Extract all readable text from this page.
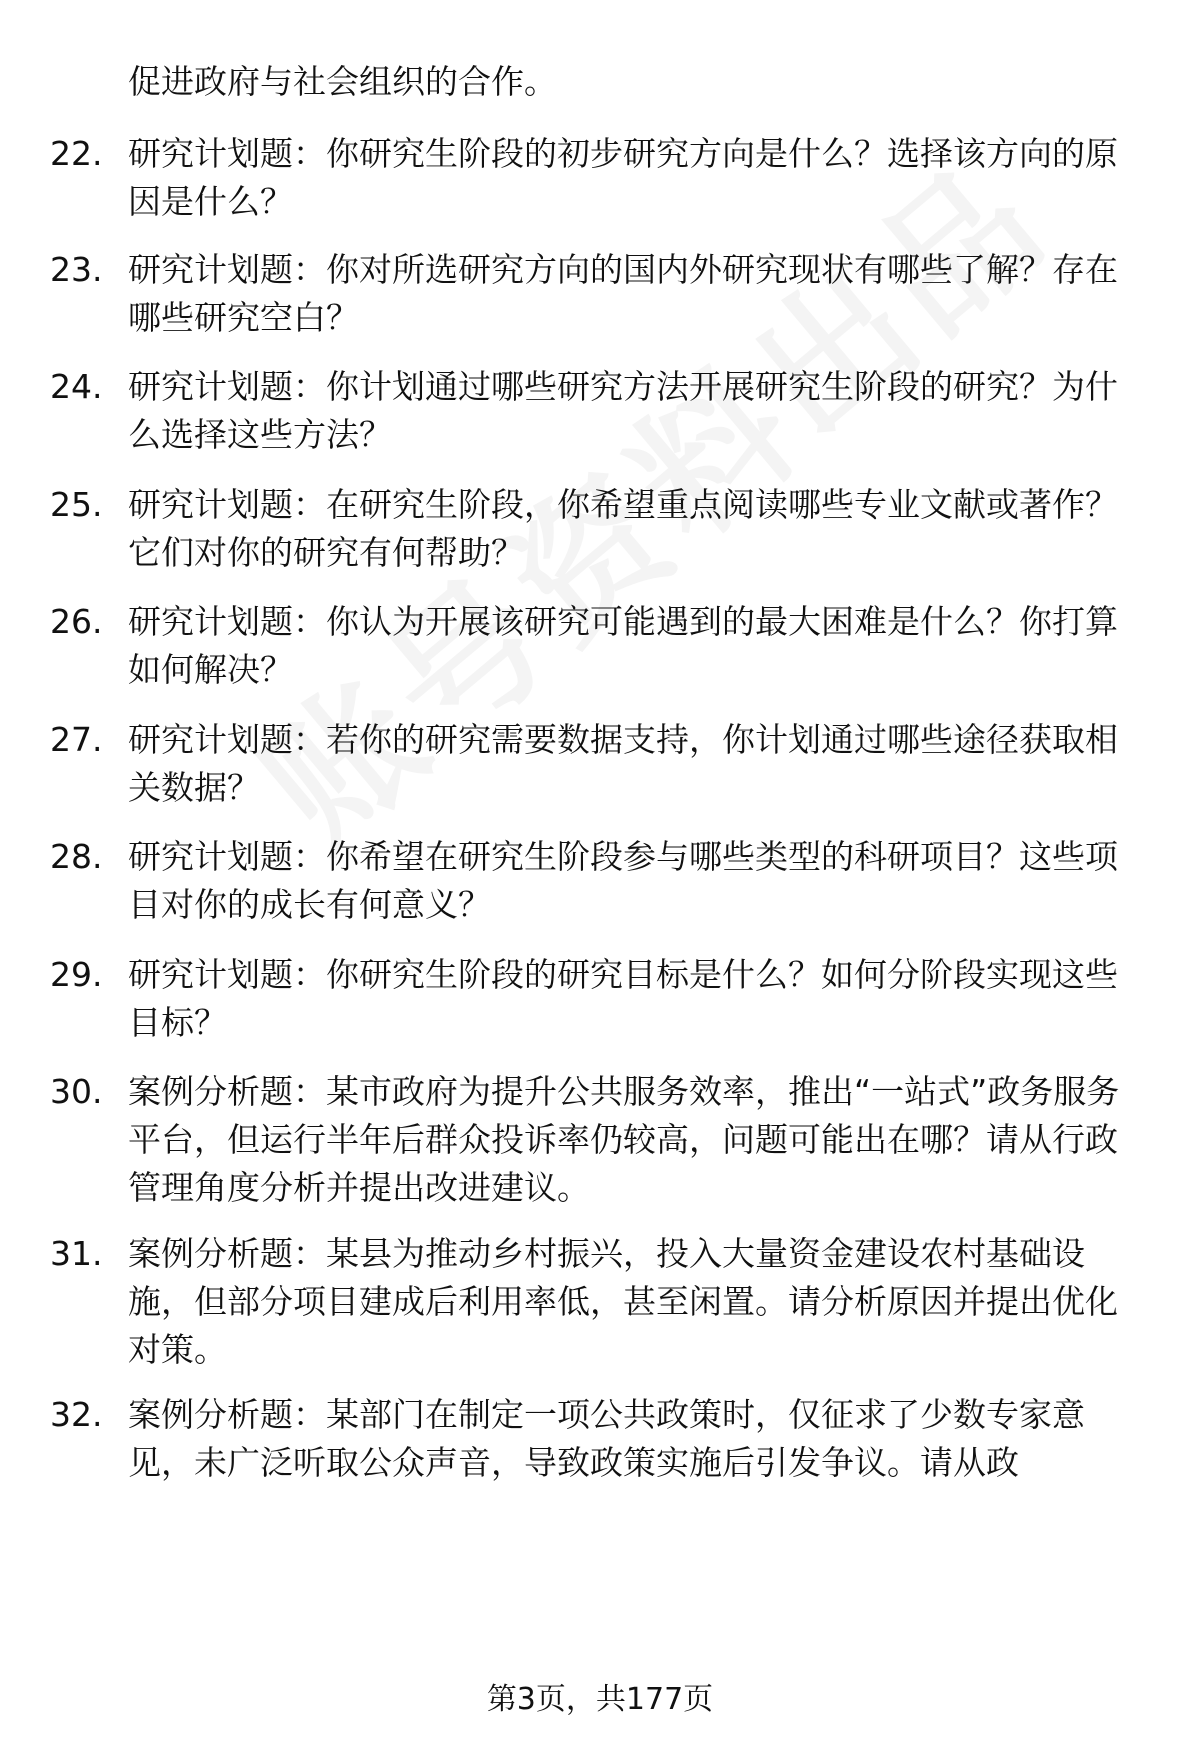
促进政府与社会组织的合作。

22. 研究计划题：你研究生阶段的初步研究方向是什么？选择该方向的原因是什么？

23. 研究计划题：你对所选研究方向的国内外研究现状有哪些了解？存在哪些研究空白？

24. 研究计划题：你计划通过哪些研究方法开展研究生阶段的研究？为什么选择这些方法？

25. 研究计划题：在研究生阶段，你希望重点阅读哪些专业文献或著作？它们对你的研究有何帮助？

26. 研究计划题：你认为开展该研究可能遇到的最大困难是什么？你打算如何解决？

27. 研究计划题：若你的研究需要数据支持，你计划通过哪些途径获取相关数据？

28. 研究计划题：你希望在研究生阶段参与哪些类型的科研项目？这些项目对你的成长有何意义？

29. 研究计划题：你研究生阶段的研究目标是什么？如何分阶段实现这些目标？

30. 案例分析题：某市政府为提升公共服务效率，推出“一站式”政务服务平台，但运行半年后群众投诉率仍较高，问题可能出在哪？请从行政管理角度分析并提出改进建议。

31. 案例分析题：某县为推动乡村振兴，投入大量资金建设农村基础设施，但部分项目建成后利用率低，甚至闲置。请分析原因并提出优化对策。

32. 案例分析题：某部门在制定一项公共政策时，仅征求了少数专家意见，未广泛听取公众声音，导致政策实施后引发争议。请从政

第3页，共177页
